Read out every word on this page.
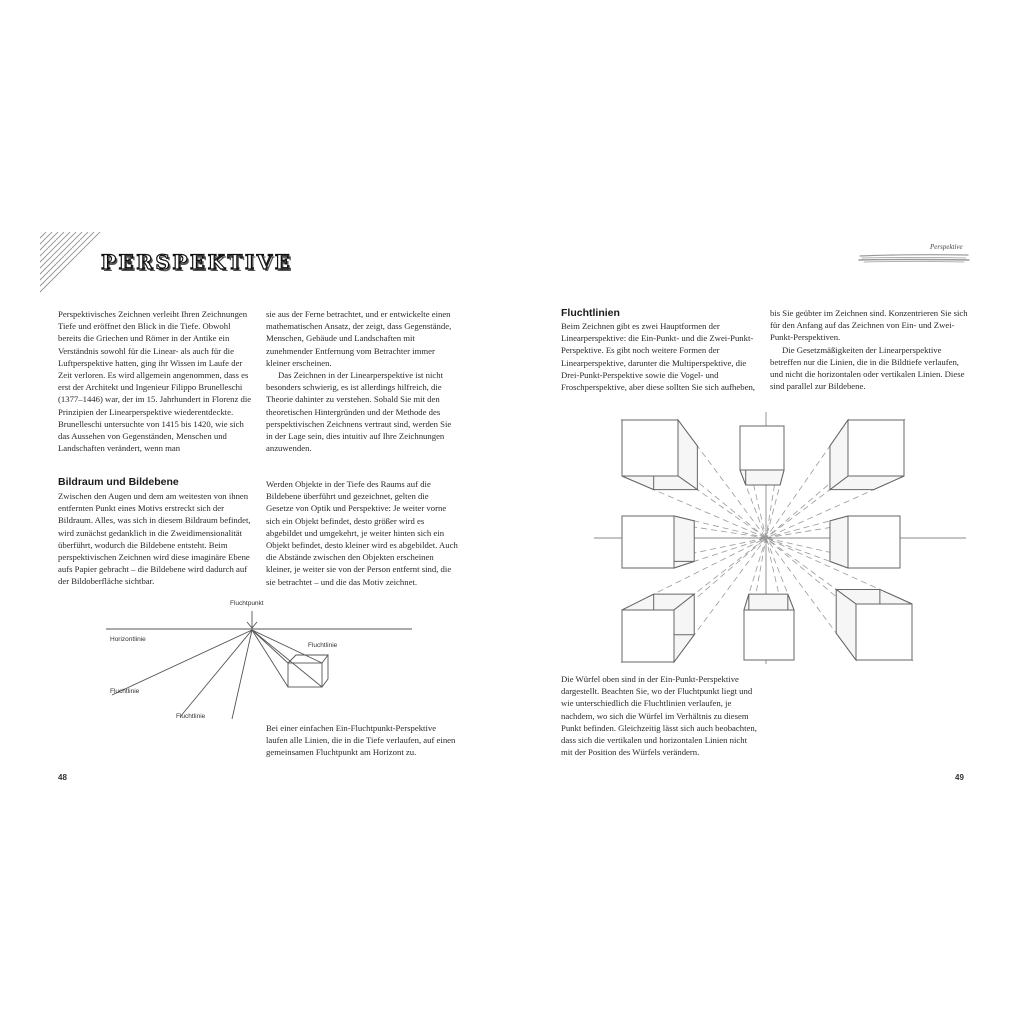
PERSPEKTIVE

Perspektivisches Zeichnen verleiht Ihren Zeichnungen Tiefe und eröffnet den Blick in die Tiefe. Obwohl bereits die Griechen und Römer in der Antike ein Verständnis sowohl für die Linear- als auch für die Luftperspektive hatten, ging ihr Wissen im Laufe der Zeit verloren. Es wird allgemein angenommen, dass es erst der Architekt und Ingenieur Filippo Brunelleschi (1377–1446) war, der im 15. Jahrhundert in Florenz die Prinzipien der Linearperspektive wiederentdeckte. Brunelleschi untersuchte von 1415 bis 1420, wie sich das Aussehen von Gegenständen, Menschen und Landschaften verändert, wenn man

sie aus der Ferne betrachtet, und er entwickelte einen mathematischen Ansatz, der zeigt, dass Gegenstände, Menschen, Gebäude und Landschaften mit zunehmender Entfernung vom Betrachter immer kleiner erscheinen.

Das Zeichnen in der Linearperspektive ist nicht besonders schwierig, es ist allerdings hilfreich, die Theorie dahinter zu verstehen. Sobald Sie mit den theoretischen Hintergründen und der Methode des perspektivischen Zeichnens vertraut sind, werden Sie in der Lage sein, dies intuitiv auf Ihre Zeichnungen anzuwenden.

Bildraum und Bildebene

Zwischen den Augen und dem am weitesten von ihnen entfernten Punkt eines Motivs erstreckt sich der Bildraum. Alles, was sich in diesem Bildraum befindet, wird zunächst gedanklich in die Zweidimensionalität überführt, wodurch die Bildebene entsteht. Beim perspektivischen Zeichnen wird diese imaginäre Ebene aufs Papier gebracht – die Bildebene wird dadurch auf der Bildoberfläche sichtbar.

Werden Objekte in der Tiefe des Raums auf die Bildebene überführt und gezeichnet, gelten die Gesetze von Optik und Perspektive: Je weiter vorne sich ein Objekt befindet, desto größer wird es abgebildet und umgekehrt, je weiter hinten sich ein Objekt befindet, desto kleiner wird es abgebildet. Auch die Abstände zwischen den Objekten erscheinen kleiner, je weiter sie von der Person entfernt sind, die sie betrachtet – und die das Motiv zeichnet.

Fluchtpunkt
Horizontlinie
Fluchtlinie
Fluchtlinie
Fluchtlinie
Bei einer einfachen Ein-Fluchtpunkt-Perspektive laufen alle Linien, die in die Tiefe verlaufen, auf einen gemeinsamen Fluchtpunkt am Horizont zu.
48
Perspektive
Fluchtlinien

Beim Zeichnen gibt es zwei Hauptformen der Linearperspektive: die Ein-Punkt- und die Zwei-Punkt-Perspektive. Es gibt noch weitere Formen der Linearperspektive, darunter die Multiperspektive, die Drei-Punkt-Perspektive sowie die Vogel- und Froschperspektive, aber diese sollten Sie sich aufheben,

bis Sie geübter im Zeichnen sind. Konzentrieren Sie sich für den Anfang auf das Zeichnen von Ein- und Zwei-Punkt-Perspektiven.

Die Gesetzmäßigkeiten der Linearperspektive betreffen nur die Linien, die in die Bildtiefe verlaufen, und nicht die horizontalen oder vertikalen Linien. Diese sind parallel zur Bildebene.

Die Würfel oben sind in der Ein-Punkt-Perspektive dargestellt. Beachten Sie, wo der Fluchtpunkt liegt und wie unterschiedlich die Fluchtlinien verlaufen, je nachdem, wo sich die Würfel im Verhältnis zu diesem Punkt befinden. Gleichzeitig lässt sich auch beobachten, dass sich die vertikalen und horizontalen Linien nicht mit der Position des Würfels verändern.
49
